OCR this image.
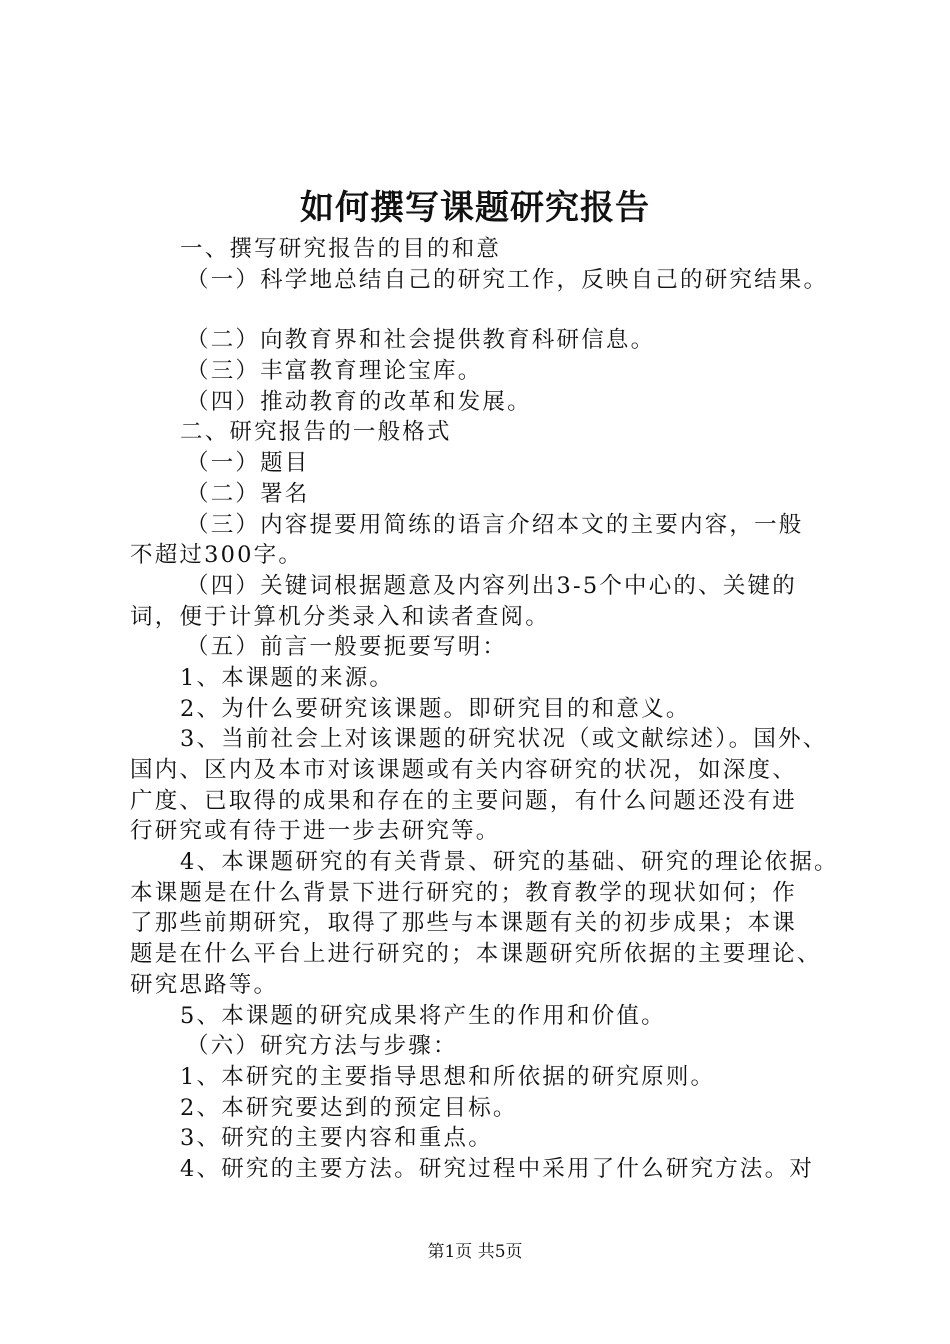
如何撰写课题研究报告
一、撰写研究报告的目的和意
（一）科学地总结自己的研究工作，反映自己的研究结果。
（二）向教育界和社会提供教育科研信息。
（三）丰富教育理论宝库。
（四）推动教育的改革和发展。
二、研究报告的一般格式
（一）题目
（二）署名
（三）内容提要用简练的语言介绍本文的主要内容，一般
不超过300字。
（四）关键词根据题意及内容列出3-5个中心的、关键的
词，便于计算机分类录入和读者查阅。
（五）前言一般要扼要写明：
1、本课题的来源。
2、为什么要研究该课题。即研究目的和意义。
3、当前社会上对该课题的研究状况（或文献综述）。国外、
国内、区内及本市对该课题或有关内容研究的状况，如深度、
广度、已取得的成果和存在的主要问题，有什么问题还没有进
行研究或有待于进一步去研究等。
4、本课题研究的有关背景、研究的基础、研究的理论依据。
本课题是在什么背景下进行研究的；教育教学的现状如何；作
了那些前期研究，取得了那些与本课题有关的初步成果；本课
题是在什么平台上进行研究的；本课题研究所依据的主要理论、
研究思路等。
5、本课题的研究成果将产生的作用和价值。
（六）研究方法与步骤：
1、本研究的主要指导思想和所依据的研究原则。
2、本研究要达到的预定目标。
3、研究的主要内容和重点。
4、研究的主要方法。研究过程中采用了什么研究方法。对
第1页 共5页
